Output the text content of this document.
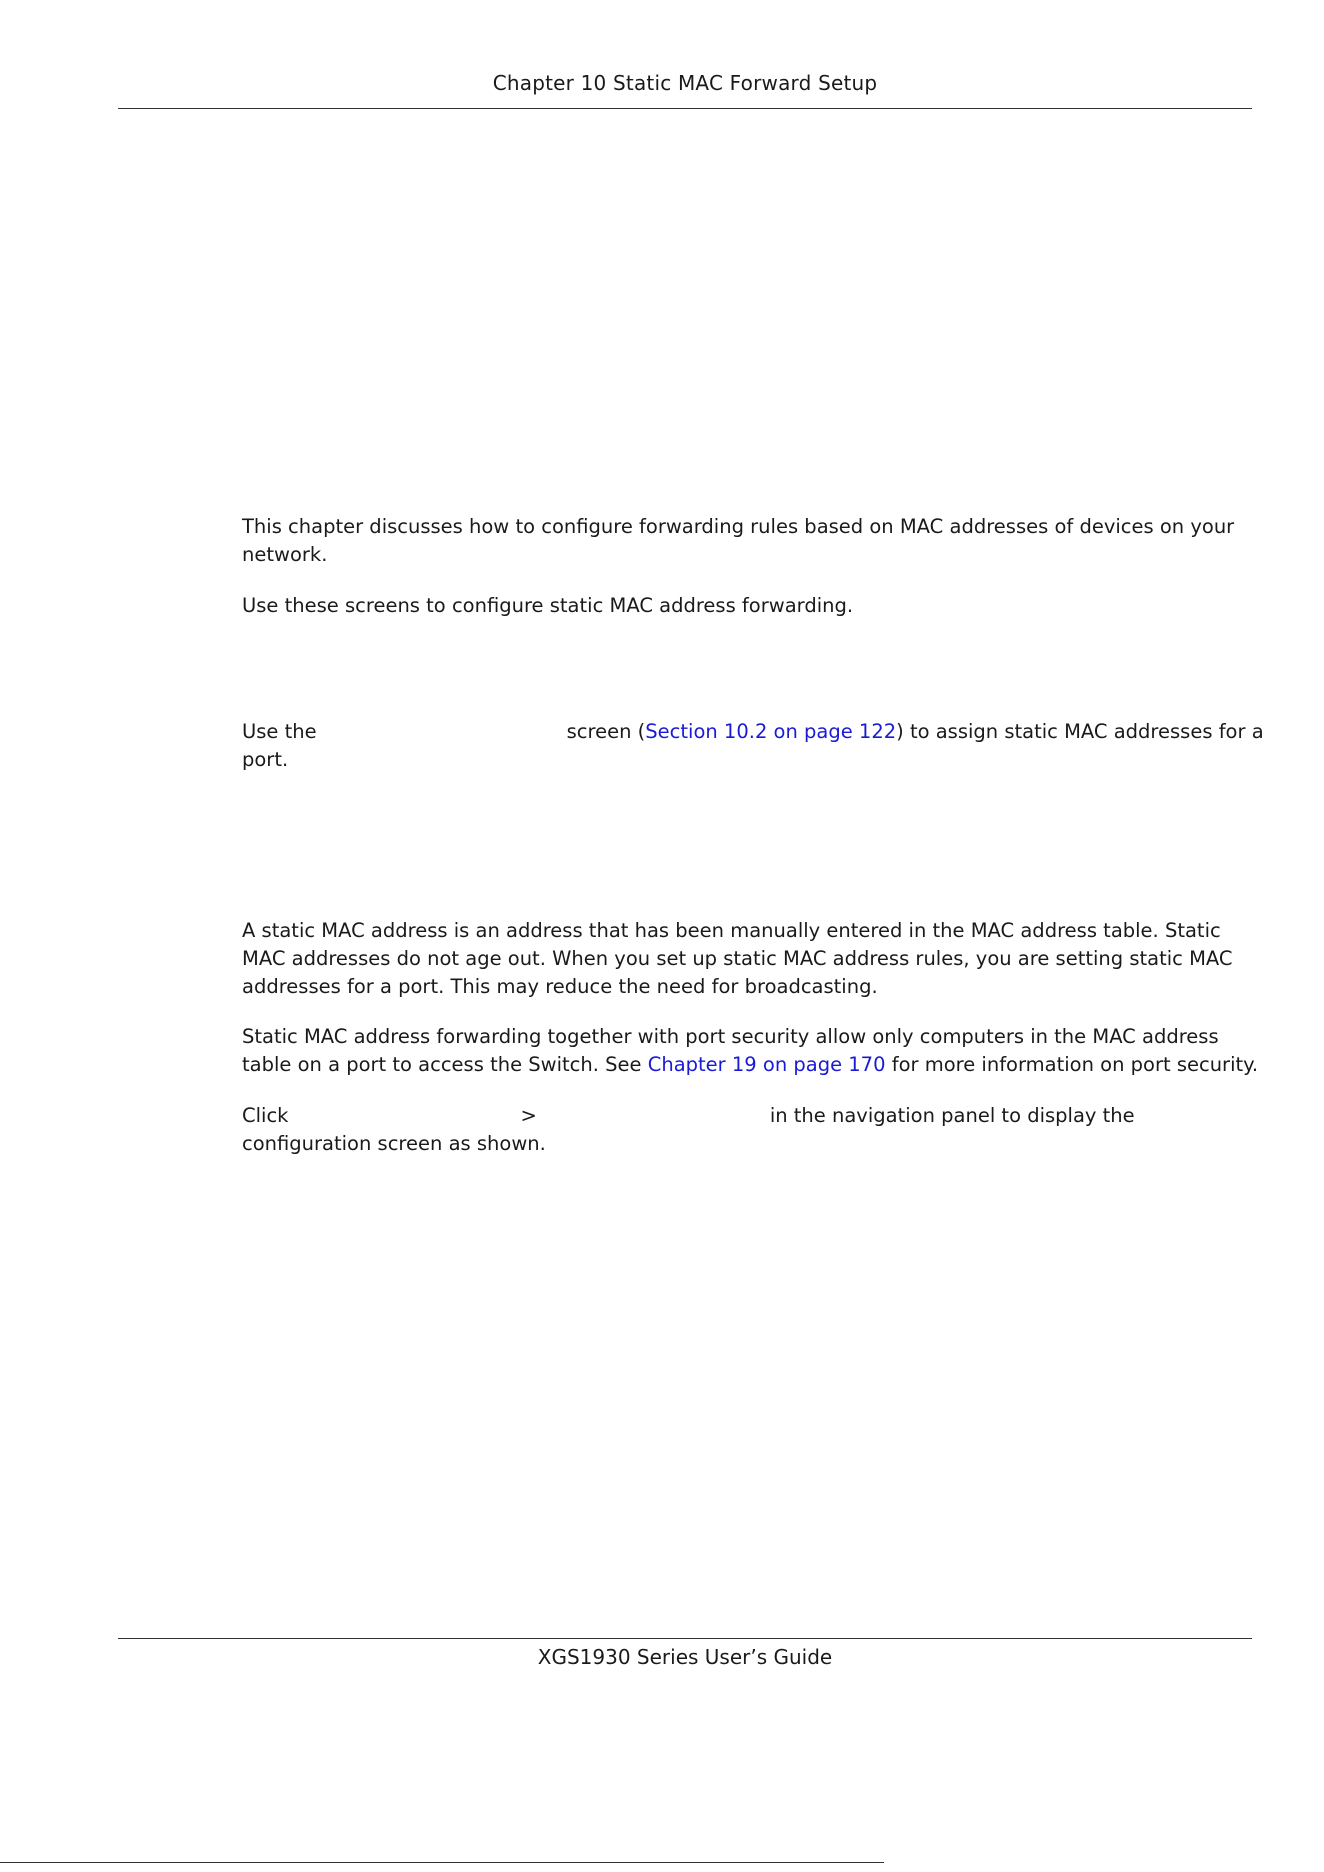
Chapter 10 Static MAC Forward Setup

This chapter discusses how to configure forwarding rules based on MAC addresses of devices on your
network.

Use these screens to configure static MAC address forwarding.

Use the	screen (Section 10.2 on page 122) to assign static MAC addresses for a
port.

A static MAC address is an address that has been manually entered in the MAC address table. Static
MAC addresses do not age out. When you set up static MAC address rules, you are setting static MAC
addresses for a port. This may reduce the need for broadcasting.

Static MAC address forwarding together with port security allow only computers in the MAC address
table on a port to access the Switch. See Chapter 19 on page 170 for more information on port security.

Click	>	in the navigation panel to display the
configuration screen as shown.

XGS1930 Series User’s Guide
